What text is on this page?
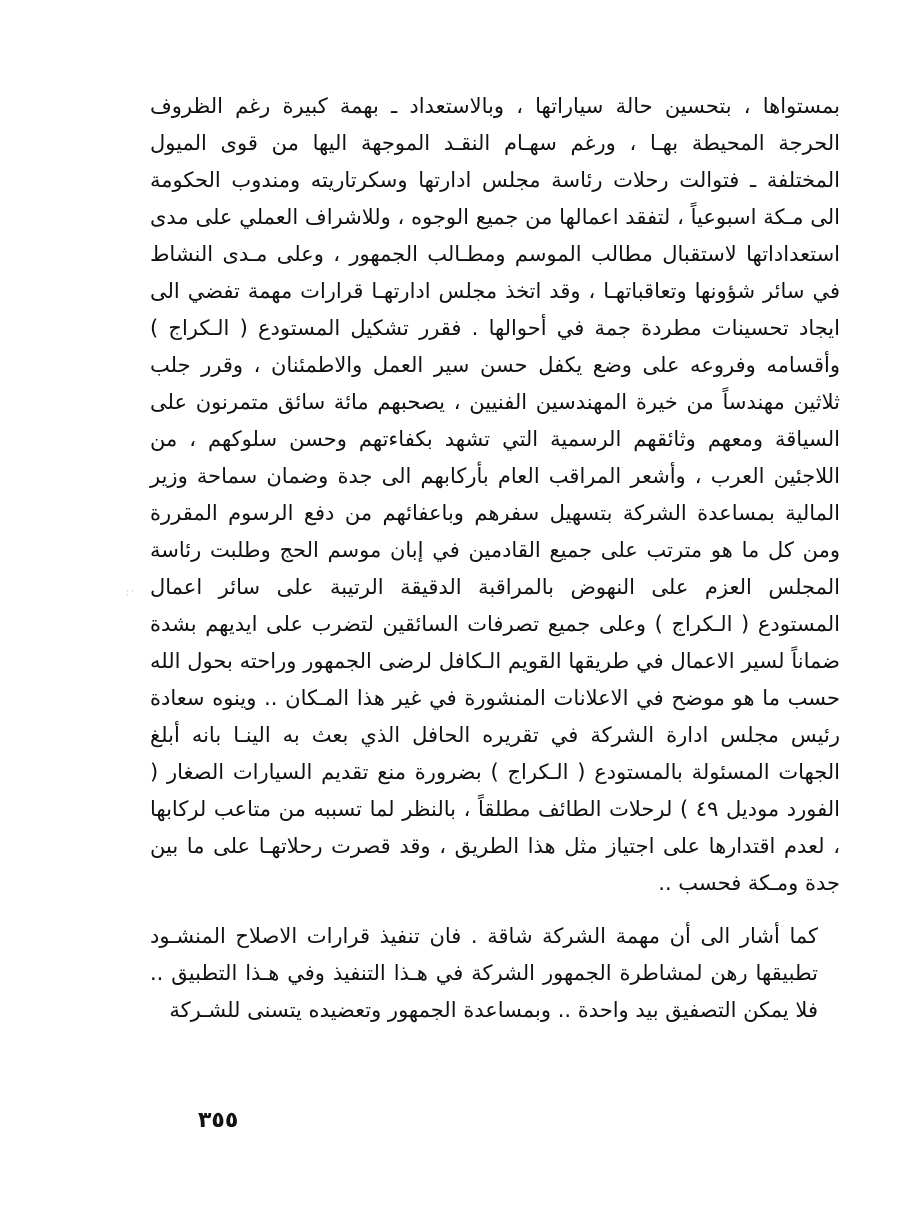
بمستواها ، بتحسين حالة سياراتها ، وبالاستعداد ـ بهمة كبيرة رغم الظروف الحرجة المحيطة بهـا ، ورغم سهـام النقـد الموجهة اليها من قوى الميول المختلفة ـ فتوالت رحلات رئاسة مجلس ادارتها وسكرتاريته ومندوب الحكومة الى مـكة اسبوعياً ، لتفقد اعمالها من جميع الوجوه ، وللاشراف العملي على مدى استعداداتها لاستقبال مطالب الموسم ومطـالب الجمهور ، وعلى مـدى النشاط في سائر شؤونها وتعاقباتهـا ، وقد اتخذ مجلس ادارتهـا قرارات مهمة تفضي الى ايجاد تحسينات مطردة جمة في أحوالها . فقرر تشكيل المستودع ( الـكراج ) وأقسامه وفروعه على وضع يكفل حسن سير العمل والاطمئنان ، وقرر جلب ثلاثين مهندساً من خيرة المهندسين الفنيين ، يصحبهم مائة سائق متمرنون على السياقة ومعهم وثائقهم الرسمية التي تشهد بكفاءتهم وحسن سلوكهم ، من اللاجئين العرب ، وأشعر المراقب العام بأركابهم الى جدة وضمان سماحة وزير المالية بمساعدة الشركة بتسهيل سفرهم وباعفائهم من دفع الرسوم المقررة ومن كل ما هو مترتب على جميع القادمين في إبان موسم الحج وطلبت رئاسة المجلس العزم على النهوض بالمراقبة الدقيقة الرتيبة على سائر اعمال المستودع ( الـكراج ) وعلى جميع تصرفات السائقين لتضرب على ايديهم بشدة ضماناً لسير الاعمال في طريقها القويم الـكافل لرضى الجمهور وراحته بحول الله حسب ما هو موضح في الاعلانات المنشورة في غير هذا المـكان .. وينوه سعادة رئيس مجلس ادارة الشركة في تقريره الحافل الذي بعث به الينـا بانه أبلغ الجهات المسئولة بالمستودع ( الـكراج ) بضرورة منع تقديم السيارات الصغار ( الفورد موديل ٤٩ ) لرحلات الطائف مطلقاً ، بالنظر لما تسببه من متاعب لركابها ، لعدم اقتدارها على اجتياز مثل هذا الطريق ، وقد قصرت رحلاتهـا على ما بين جدة ومـكة فحسب ..

كما أشار الى أن مهمة الشركة شاقة . فان تنفيذ قرارات الاصلاح المنشـود تطبيقها رهن لمشاطرة الجمهور الشركة في هـذا التنفيذ وفي هـذا التطبيق .. فلا يمكن التصفيق بيد واحدة .. وبمساعدة الجمهور وتعضيده يتسنى للشـركة

· · ·
٣٥٥
